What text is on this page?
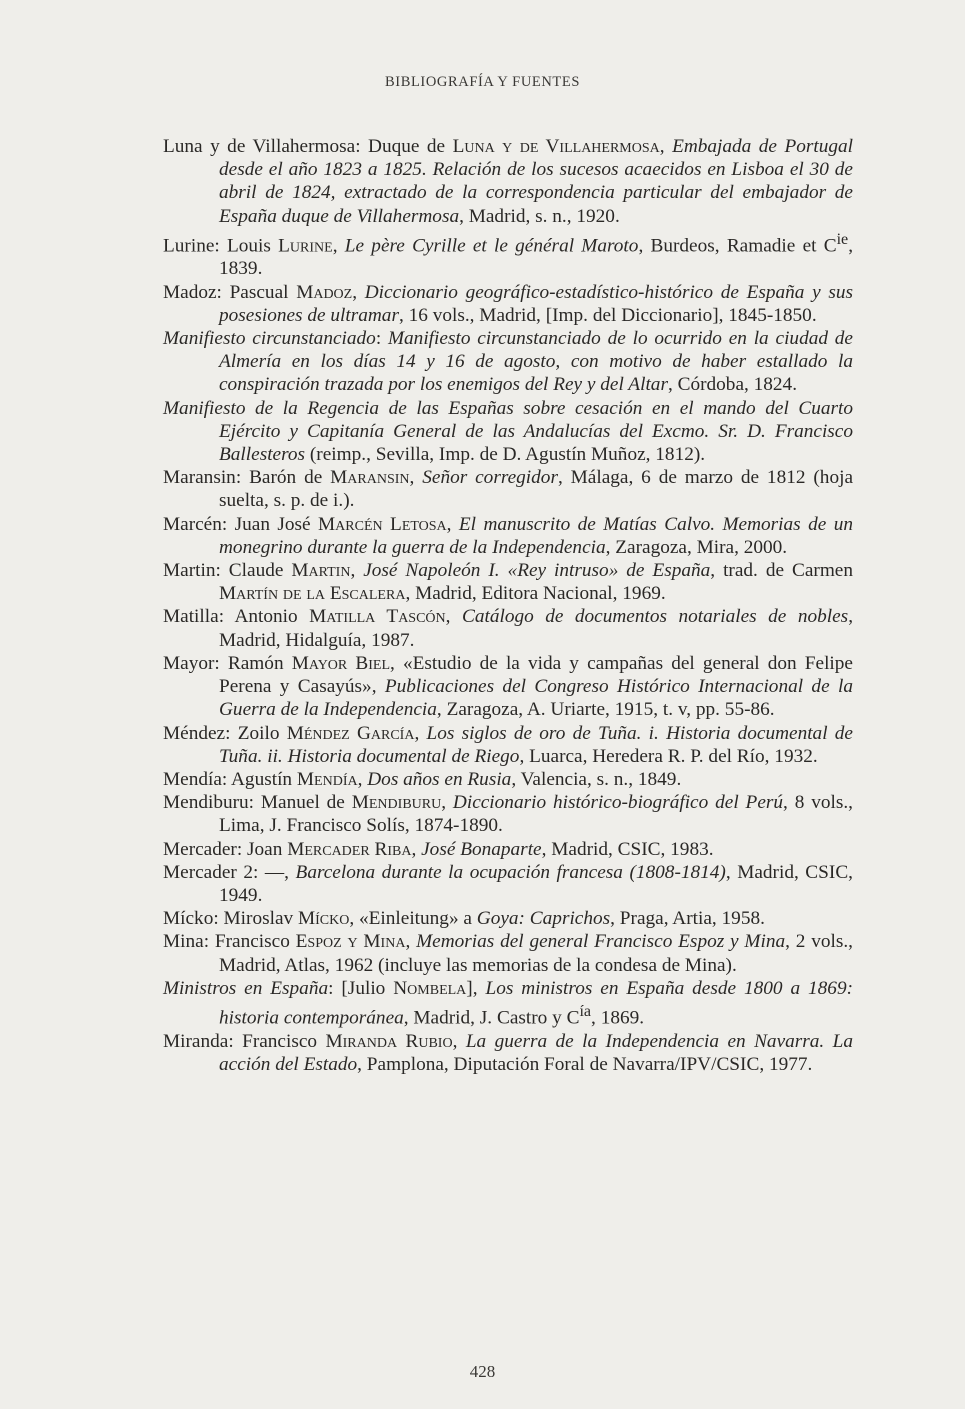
BIBLIOGRAFÍA Y FUENTES
Luna y de Villahermosa: Duque de Luna y de Villahermosa, Embajada de Portugal desde el año 1823 a 1825. Relación de los sucesos acaecidos en Lisboa el 30 de abril de 1824, extractado de la correspondencia particular del embajador de España duque de Villahermosa, Madrid, s. n., 1920.
Lurine: Louis Lurine, Le père Cyrille et le général Maroto, Burdeos, Ramadie et $C^{ie}$, 1839.
Madoz: Pascual Madoz, Diccionario geográfico-estadístico-histórico de España y sus posesiones de ultramar, 16 vols., Madrid, [Imp. del Diccionario], 1845-1850.
Manifiesto circunstanciado: Manifiesto circunstanciado de lo ocurrido en la ciudad de Almería en los días 14 y 16 de agosto, con motivo de haber estallado la conspiración trazada por los enemigos del Rey y del Altar, Córdoba, 1824.
Manifiesto de la Regencia de las Españas sobre cesación en el mando del Cuarto Ejército y Capitanía General de las Andalucías del Excmo. Sr. D. Francisco Ballesteros (reimp., Sevilla, Imp. de D. Agustín Muñoz, 1812).
Maransin: Barón de Maransin, Señor corregidor, Málaga, 6 de marzo de 1812 (hoja suelta, s. p. de i.).
Marcén: Juan José Marcén Letosa, El manuscrito de Matías Calvo. Memorias de un monegrino durante la guerra de la Independencia, Zaragoza, Mira, 2000.
Martin: Claude Martin, José Napoleón I. «Rey intruso» de España, trad. de Carmen Martín de la Escalera, Madrid, Editora Nacional, 1969.
Matilla: Antonio Matilla Tascón, Catálogo de documentos notariales de nobles, Madrid, Hidalguía, 1987.
Mayor: Ramón Mayor Biel, «Estudio de la vida y campañas del general don Felipe Perena y Casayús», Publicaciones del Congreso Histórico Internacional de la Guerra de la Independencia, Zaragoza, A. Uriarte, 1915, t. v, pp. 55-86.
Méndez: Zoilo Méndez García, Los siglos de oro de Tuña. i. Historia documental de Tuña. ii. Historia documental de Riego, Luarca, Heredera R. P. del Río, 1932.
Mendía: Agustín Mendía, Dos años en Rusia, Valencia, s. n., 1849.
Mendiburu: Manuel de Mendiburu, Diccionario histórico-biográfico del Perú, 8 vols., Lima, J. Francisco Solís, 1874-1890.
Mercader: Joan Mercader Riba, José Bonaparte, Madrid, CSIC, 1983.
Mercader 2: —, Barcelona durante la ocupación francesa (1808-1814), Madrid, CSIC, 1949.
Mícko: Miroslav Mícko, «Einleitung» a Goya: Caprichos, Praga, Artia, 1958.
Mina: Francisco Espoz y Mina, Memorias del general Francisco Espoz y Mina, 2 vols., Madrid, Atlas, 1962 (incluye las memorias de la condesa de Mina).
Ministros en España: [Julio Nombela], Los ministros en España desde 1800 a 1869: historia contemporánea, Madrid, J. Castro y $C^{ía}$, 1869.
Miranda: Francisco Miranda Rubio, La guerra de la Independencia en Navarra. La acción del Estado, Pamplona, Diputación Foral de Navarra/IPV/CSIC, 1977.
428
